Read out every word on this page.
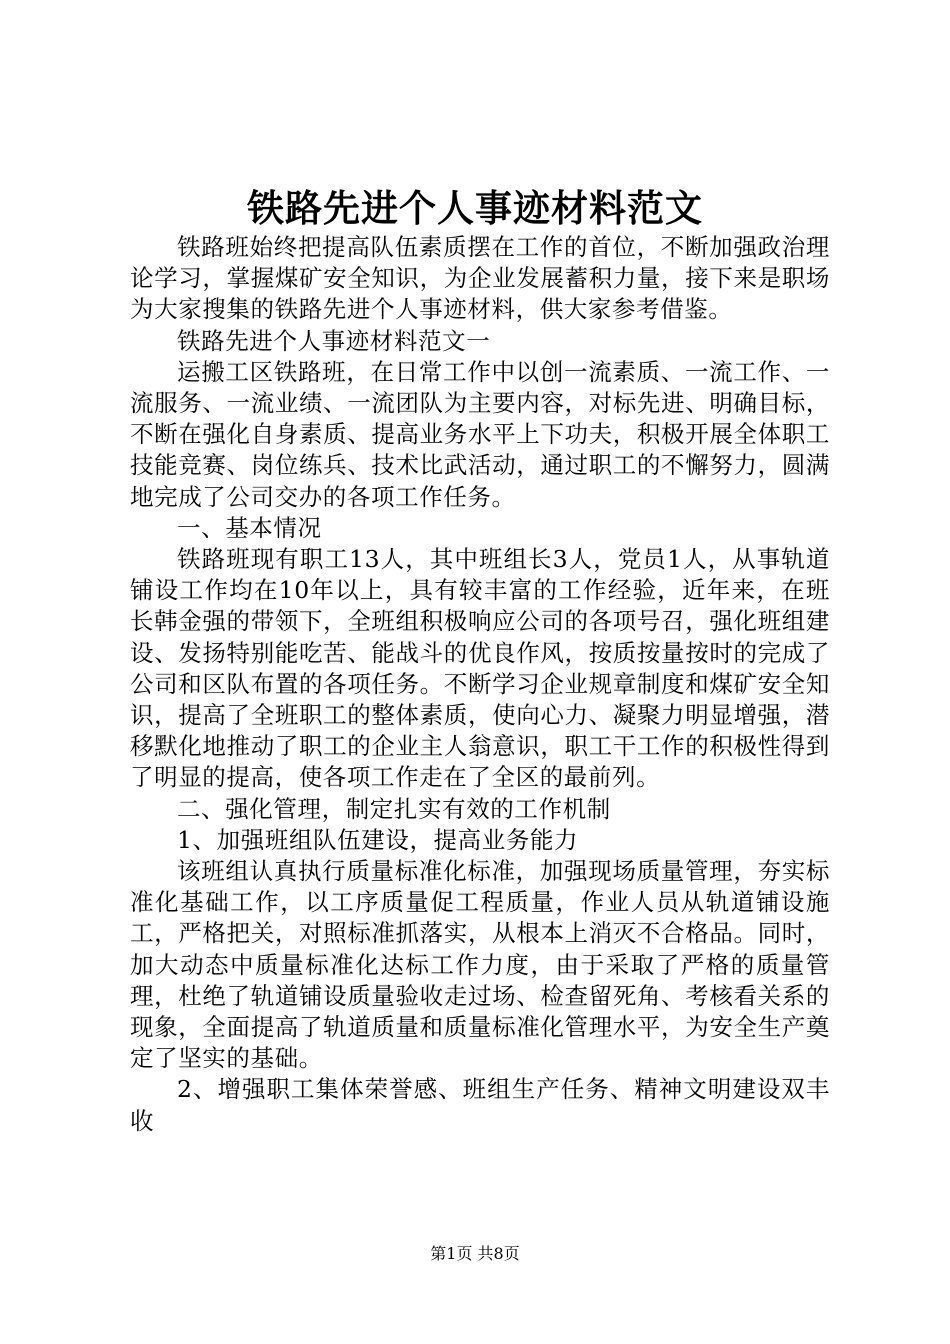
铁路先进个人事迹材料范文

铁路班始终把提高队伍素质摆在工作的首位，不断加强政治理论学习，掌握煤矿安全知识，为企业发展蓄积力量，接下来是职场为大家搜集的铁路先进个人事迹材料，供大家参考借鉴。

铁路先进个人事迹材料范文一

运搬工区铁路班，在日常工作中以创一流素质、一流工作、一流服务、一流业绩、一流团队为主要内容，对标先进、明确目标，不断在强化自身素质、提高业务水平上下功夫，积极开展全体职工技能竞赛、岗位练兵、技术比武活动，通过职工的不懈努力，圆满地完成了公司交办的各项工作任务。

一、基本情况

铁路班现有职工13人，其中班组长3人，党员1人，从事轨道铺设工作均在10年以上，具有较丰富的工作经验，近年来，在班长韩金强的带领下，全班组积极响应公司的各项号召，强化班组建设、发扬特别能吃苦、能战斗的优良作风，按质按量按时的完成了公司和区队布置的各项任务。不断学习企业规章制度和煤矿安全知识，提高了全班职工的整体素质，使向心力、凝聚力明显增强，潜移默化地推动了职工的企业主人翁意识，职工干工作的积极性得到了明显的提高，使各项工作走在了全区的最前列。

二、强化管理，制定扎实有效的工作机制

1、加强班组队伍建设，提高业务能力

该班组认真执行质量标准化标准，加强现场质量管理，夯实标准化基础工作，以工序质量促工程质量，作业人员从轨道铺设施工，严格把关，对照标准抓落实，从根本上消灭不合格品。同时，加大动态中质量标准化达标工作力度，由于采取了严格的质量管理，杜绝了轨道铺设质量验收走过场、检查留死角、考核看关系的现象，全面提高了轨道质量和质量标准化管理水平，为安全生产奠定了坚实的基础。

2、增强职工集体荣誉感、班组生产任务、精神文明建设双丰收

第1页 共8页
